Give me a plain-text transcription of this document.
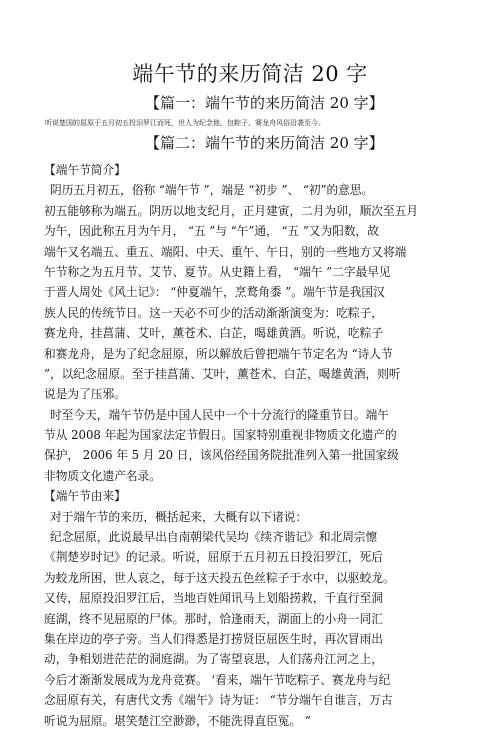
端午节的来历简洁 20 字
【篇一：端午节的来历简洁 20 字】
听说楚国的屈原于五月初五投汨罗江而死，世人为纪念他，包粽子、赛龙舟风俗沿袭至今。
【篇二：端午节的来历简洁 20 字】
【端午节简介】
阴历五月初五，俗称 “端午节 ”，端是 “初步 ”、 “初”的意思。
初五能够称为端五。阴历以地支纪月，正月建寅，二月为卯，顺次至五月
为午，因此称五月为午月， “五 ”与 “午”通， “五 ”又为阳数，故
端午又名端五、重五、端阳、中天、重午、午日，别的一些地方又将端
午节称之为五月节、艾节、夏节。从史籍上看， “端午 ”二字最早见
于晋人周处《风土记》： “仲夏端午，烹鹜角黍 ”。端午节是我国汉
族人民的传统节日。这一天必不可少的活动渐渐演变为：吃粽子，
赛龙舟，挂菖蒲、艾叶，薰苍术、白芷，喝雄黄酒。听说，吃粽子
和赛龙舟，是为了纪念屈原，所以解放后曾把端午节定名为 “诗人节
”，以纪念屈原。至于挂菖蒲、艾叶，薰苍术、白芷，喝雄黄酒，则听
说是为了压邪。
时至今天，端午节仍是中国人民中一个十分流行的隆重节日。端午
节从 2008 年起为国家法定节假日。国家特别重视非物质文化遗产的
保护， 2006 年 5 月 20 日，该风俗经国务院批准列入第一批国家级
非物质文化遗产名录。
【端午节由来】
对于端午节的来历，概括起来，大概有以下诸说：
纪念屈原，此说最早出自南朝梁代吴均《续齐谐记》和北周宗懔
《荆楚岁时记》的记录。听说，屈原于五月初五日投汨罗江，死后
为蛟龙所困，世人哀之，每于这天投五色丝粽子于水中，以驱蛟龙。
又传，屈原投汨罗江后，当地百姓闻讯马上划船捞救，千直行至洞
庭湖，终不见屈原的尸体。那时，恰逢雨天，湖面上的小舟一同汇
集在岸边的亭子旁。当人们得悉是打捞贤臣屈医生时，再次冒雨出
动，争相划进茫茫的洞庭湖。为了寄望哀思，人们荡舟江河之上，
今后才渐渐发展成为龙舟竞赛。 ‘看来，端午节吃粽子、赛龙舟与纪
念屈原有关，有唐代文秀《端午》诗为证： “节分端午自谁言，万古
听说为屈原。堪笑楚江空渺渺，不能洗得直臣冤。 ”
